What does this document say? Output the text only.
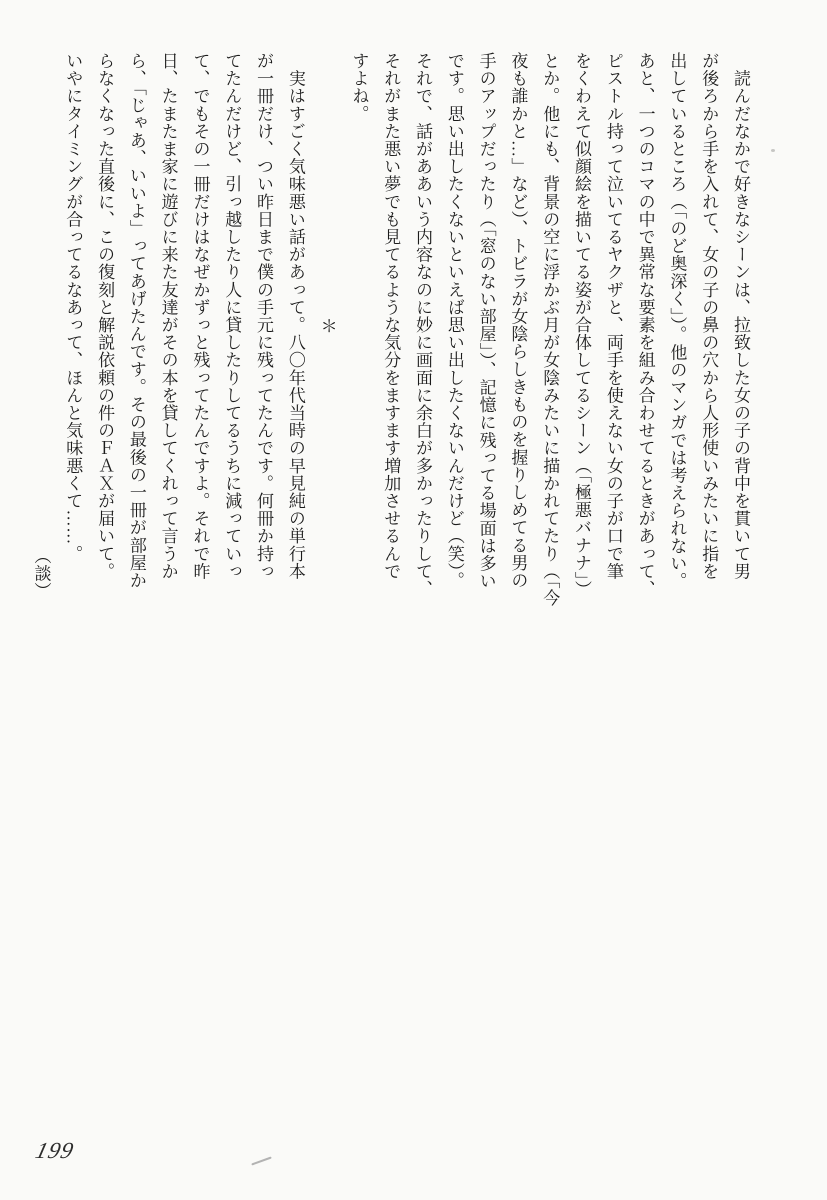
　読んだなかで好きなシーンは、拉致した女の子の背中を貫いて男
が後ろから手を入れて、女の子の鼻の穴から人形使いみたいに指を
出しているところ（「のど奥深く」）。他のマンガでは考えられない。
あと、一つのコマの中で異常な要素を組み合わせてるときがあって、
ピストル持って泣いてるヤクザと、両手を使えない女の子が口で筆
をくわえて似顔絵を描いてる姿が合体してるシーン（「極悪バナナ」）
とか。他にも、背景の空に浮かぶ月が女陰みたいに描かれてたり（「今
夜も誰かと…」など）、トビラが女陰らしきものを握りしめてる男の
手のアップだったり（「窓のない部屋」）、記憶に残ってる場面は多い
です。思い出したくないといえば思い出したくないんだけど（笑）。
それで、話がああいう内容なのに妙に画面に余白が多かったりして、
それがまた悪い夢でも見てるような気分をますます増加させるんで
すよね。
＊
　実はすごく気味悪い話があって。八〇年代当時の早見純の単行本
が一冊だけ、つい昨日まで僕の手元に残ってたんです。何冊か持っ
てたんだけど、引っ越したり人に貸したりしてるうちに減っていっ
て、でもその一冊だけはなぜかずっと残ってたんですよ。それで昨
日、たまたま家に遊びに来た友達がその本を貸してくれって言うか
ら、「じゃあ、いいよ」ってあげたんです。その最後の一冊が部屋か
らなくなった直後に、この復刻と解説依頼の件のＦＡＸが届いて。
いやにタイミングが合ってるなあって、ほんと気味悪くて……。
（談）
199
